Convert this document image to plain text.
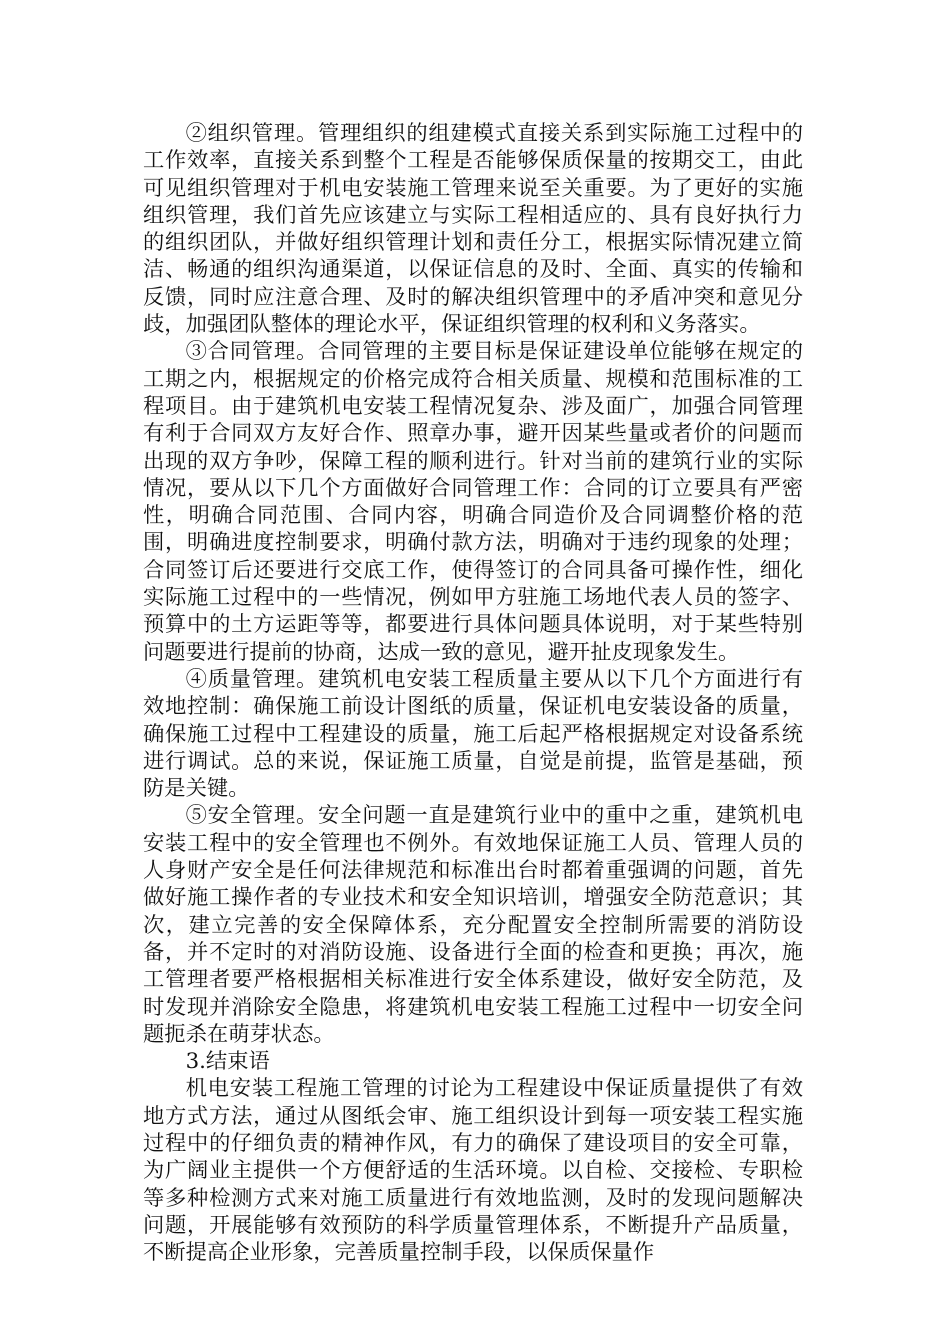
②组织管理。管理组织的组建模式直接关系到实际施工过程中的工作效率，直接关系到整个工程是否能够保质保量的按期交工，由此可见组织管理对于机电安装施工管理来说至关重要。为了更好的实施组织管理，我们首先应该建立与实际工程相适应的、具有良好执行力的组织团队，并做好组织管理计划和责任分工，根据实际情况建立简洁、畅通的组织沟通渠道，以保证信息的及时、全面、真实的传输和反馈，同时应注意合理、及时的解决组织管理中的矛盾冲突和意见分歧，加强团队整体的理论水平，保证组织管理的权利和义务落实。

③合同管理。合同管理的主要目标是保证建设单位能够在规定的工期之内，根据规定的价格完成符合相关质量、规模和范围标准的工程项目。由于建筑机电安装工程情况复杂、涉及面广，加强合同管理有利于合同双方友好合作、照章办事，避开因某些量或者价的问题而出现的双方争吵，保障工程的顺利进行。针对当前的建筑行业的实际情况，要从以下几个方面做好合同管理工作：合同的订立要具有严密性，明确合同范围、合同内容，明确合同造价及合同调整价格的范围，明确进度控制要求，明确付款方法，明确对于违约现象的处理；合同签订后还要进行交底工作，使得签订的合同具备可操作性，细化实际施工过程中的一些情况，例如甲方驻施工场地代表人员的签字、预算中的土方运距等等，都要进行具体问题具体说明，对于某些特别问题要进行提前的协商，达成一致的意见，避开扯皮现象发生。

④质量管理。建筑机电安装工程质量主要从以下几个方面进行有效地控制：确保施工前设计图纸的质量，保证机电安装设备的质量，确保施工过程中工程建设的质量，施工后起严格根据规定对设备系统进行调试。总的来说，保证施工质量，自觉是前提，监管是基础，预防是关键。

⑤安全管理。安全问题一直是建筑行业中的重中之重，建筑机电安装工程中的安全管理也不例外。有效地保证施工人员、管理人员的人身财产安全是任何法律规范和标准出台时都着重强调的问题，首先做好施工操作者的专业技术和安全知识培训，增强安全防范意识；其次，建立完善的安全保障体系，充分配置安全控制所需要的消防设备，并不定时的对消防设施、设备进行全面的检查和更换；再次，施工管理者要严格根据相关标准进行安全体系建设，做好安全防范，及时发现并消除安全隐患，将建筑机电安装工程施工过程中一切安全问题扼杀在萌芽状态。

3.结束语

机电安装工程施工管理的讨论为工程建设中保证质量提供了有效地方式方法，通过从图纸会审、施工组织设计到每一项安装工程实施过程中的仔细负责的精神作风，有力的确保了建设项目的安全可靠，为广阔业主提供一个方便舒适的生活环境。以自检、交接检、专职检等多种检测方式来对施工质量进行有效地监测，及时的发现问题解决问题，开展能够有效预防的科学质量管理体系，不断提升产品质量，不断提高企业形象，完善质量控制手段，以保质保量作
